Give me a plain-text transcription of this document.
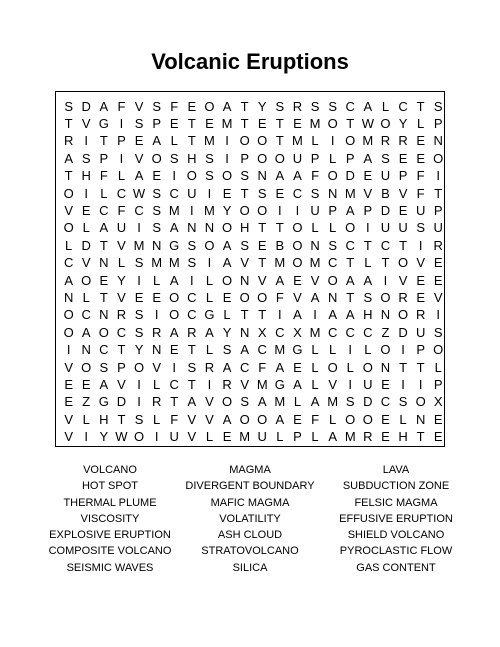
Volcanic Eruptions
S D A F V S F E O A T Y S R S S C A L C T S
T V G I S P E T E M T E T E M O T W O Y L P
R I T P E A L T M I O O T M L I O M R R E N
A S P I V O S H S I P O O U P L P A S E E O
T H F L A E I O S O S N A A F O D E U P F I
O I L C W S C U I E T S E C S N M V B V F T
V E C F C S M I M Y O O I	I U P A P D E U P
O L A U I S A N N O H T T O L L O I U U S U
L D T V M N G S O A S E B O N S C T C T I R
C V N L S M M S I A V T M O M C T L T O V E
A O E Y I L A I L O N V A E V O A A I V E E
N L T V E E O C L E O O F V A N T S O R E V
O C N R S I O C G L T T I A I A A H N O R I
O A O C S R A R A Y N X C X M C C C Z D U S
I N C T Y N E T L S A C M G L L I L O I P O
V O S P O V I S R A C F A E L O L O N T T L
E E A V I L C T I R V M G A L V I U E I	I P
E Z G D I R T A V O S A M L A M S D C S O X
V L H T S L F V V A O O A E F L O O E L N E
V I Y W O I U V L E M U L P L A M R E H T E
VOLCANO
HOT SPOT
THERMAL PLUME
VISCOSITY
EXPLOSIVE ERUPTION
COMPOSITE VOLCANO
SEISMIC WAVES
MAGMA
DIVERGENT BOUNDARY
MAFIC MAGMA
VOLATILITY
ASH CLOUD
STRATOVOLCANO
SILICA
LAVA
SUBDUCTION ZONE
FELSIC MAGMA
EFFUSIVE ERUPTION
SHIELD VOLCANO
PYROCLASTIC FLOW
GAS CONTENT
